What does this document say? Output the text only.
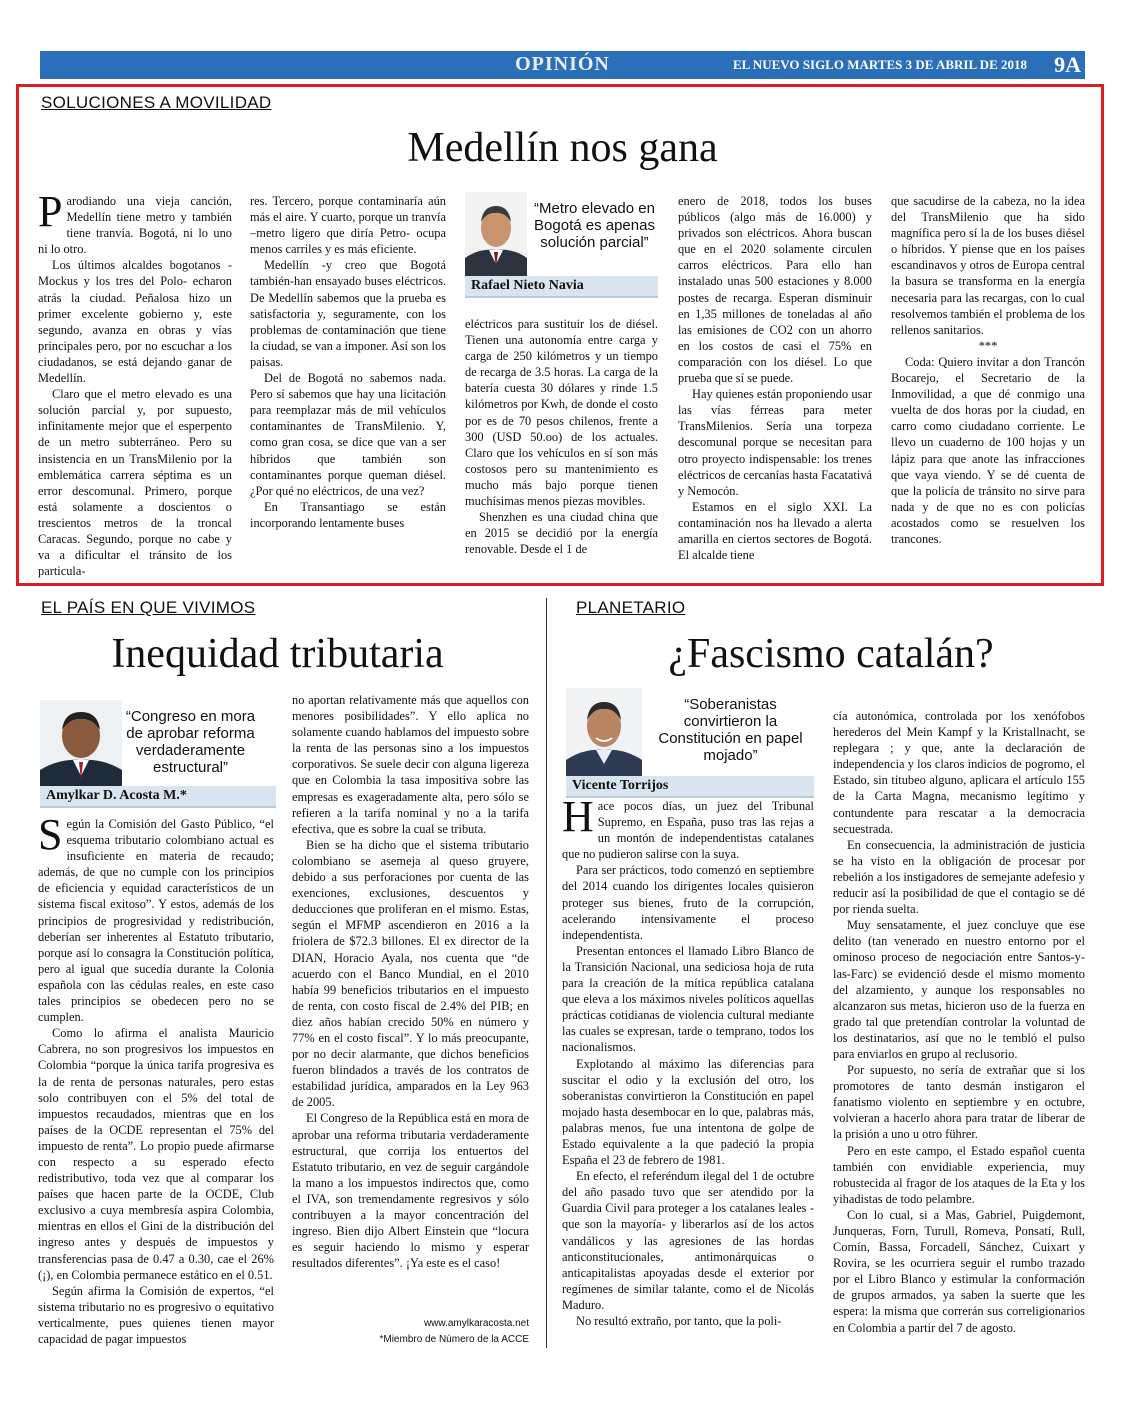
OPINIÓN	EL NUEVO SIGLO MARTES 3 DE ABRIL DE 2018 9A
SOLUCIONES A MOVILIDAD
Medellín nos gana

Parodiando una vieja canción, Medellín tiene metro y también tiene tranvía. Bogotá, ni lo uno ni lo otro.

Los últimos alcaldes bogotanos -Mockus y los tres del Polo- echaron atrás la ciudad. Peñalosa hizo un primer excelente gobierno y, este segundo, avanza en obras y vías principales pero, por no escuchar a los ciudadanos, se está dejando ganar de Medellín.

Claro que el metro elevado es una solución parcial y, por supuesto, infinitamente mejor que el esperpento de un metro subterráneo. Pero su insistencia en un TransMilenio por la emblemática carrera séptima es un error descomunal. Primero, porque está solamente a doscientos o trescientos metros de la troncal Caracas. Segundo, porque no cabe y va a dificultar el tránsito de los particula-

res. Tercero, porque contaminaría aún más el aire. Y cuarto, porque un tranvía –metro ligero que diría Petro- ocupa menos carriles y es más eficiente.

Medellín -y creo que Bogotá también-han ensayado buses eléctricos. De Medellín sabemos que la prueba es satisfactoria y, seguramente, con los problemas de contaminación que tiene la ciudad, se van a imponer. Así son los paisas.

Del de Bogotá no sabemos nada. Pero sí sabemos que hay una licitación para reemplazar más de mil vehículos contaminantes de TransMilenio. Y, como gran cosa, se dice que van a ser híbridos que también son contaminantes porque queman diésel. ¿Por qué no eléctricos, de una vez?

En Transantiago se están incorporando lentamente buses

“Metro elevado en Bogotá es apenas solución parcial”
Rafael Nieto Navia

eléctricos para sustituir los de diésel. Tienen una autonomía entre carga y carga de 250 kilómetros y un tiempo de recarga de 3.5 horas. La carga de la batería cuesta 30 dólares y rinde 1.5 kilómetros por Kwh, de donde el costo por es de 70 pesos chilenos, frente a 300 (USD 50.oo) de los actuales. Claro que los vehículos en sí son más costosos pero su mantenimiento es mucho más bajo porque tienen muchísimas menos piezas movibles.

Shenzhen es una ciudad china que en 2015 se decidió por la energía renovable. Desde el 1 de

enero de 2018, todos los buses públicos (algo más de 16.000) y privados son eléctricos. Ahora buscan que en el 2020 solamente circulen carros eléctricos. Para ello han instalado unas 500 estaciones y 8.000 postes de recarga. Esperan disminuir en 1,35 millones de toneladas al año las emisiones de CO2 con un ahorro en los costos de casi el 75% en comparación con los diésel. Lo que prueba que sí se puede.

Hay quienes están proponiendo usar las vías férreas para meter TransMilenios. Sería una torpeza descomunal porque se necesitan para otro proyecto indispensable: los trenes eléctricos de cercanías hasta Facatativá y Nemocón.

Estamos en el siglo XXI. La contaminación nos ha llevado a alerta amarilla en ciertos sectores de Bogotá. El alcalde tiene

que sacudirse de la cabeza, no la idea del TransMilenio que ha sido magnífica pero sí la de los buses diésel o híbridos. Y piense que en los países escandinavos y otros de Europa central la basura se transforma en la energía necesaria para las recargas, con lo cual resolvemos también el problema de los rellenos sanitarios.

***

Coda: Quiero invitar a don Trancón Bocarejo, el Secretario de la Inmovilidad, a que dé conmigo una vuelta de dos horas por la ciudad, en carro como ciudadano corriente. Le llevo un cuaderno de 100 hojas y un lápiz para que anote las infracciones que vaya viendo. Y se dé cuenta de que la policía de tránsito no sirve para nada y de que no es con policías acostados como se resuelven los trancones.

EL PAÍS EN QUE VIVIMOS
Inequidad tributaria
“Congreso en mora de aprobar reforma verdaderamente estructural”
Amylkar D. Acosta M.*

Según la Comisión del Gasto Público, “el esquema tributario colombiano actual es insuficiente en materia de recaudo; además, de que no cumple con los principios de eficiencia y equidad característicos de un sistema fiscal exitoso”. Y estos, además de los principios de progresividad y redistribución, deberían ser inherentes al Estatuto tributario, porque así lo consagra la Constitución política, pero al igual que sucedía durante la Colonia española con las cédulas reales, en este caso tales principios se obedecen pero no se cumplen.

Como lo afirma el analista Mauricio Cabrera, no son progresivos los impuestos en Colombia “porque la única tarifa progresiva es la de renta de personas naturales, pero estas solo contribuyen con el 5% del total de impuestos recaudados, mientras que en los países de la OCDE representan el 75% del impuesto de renta”. Lo propio puede afirmarse con respecto a su esperado efecto redistributivo, toda vez que al comparar los países que hacen parte de la OCDE, Club exclusivo a cuya membresía aspira Colombia, mientras en ellos el Gini de la distribución del ingreso antes y después de impuestos y transferencias pasa de 0.47 a 0.30, cae el 26% (¡), en Colombia permanece estático en el 0.51.

Según afirma la Comisión de expertos, “el sistema tributario no es progresivo o equitativo verticalmente, pues quienes tienen mayor capacidad de pagar impuestos

no aportan relativamente más que aquellos con menores posibilidades”. Y ello aplica no solamente cuando hablamos del impuesto sobre la renta de las personas sino a los impuestos corporativos. Se suele decir con alguna ligereza que en Colombia la tasa impositiva sobre las empresas es exageradamente alta, pero sólo se refieren a la tarifa nominal y no a la tarifa efectiva, que es sobre la cual se tributa.

Bien se ha dicho que el sistema tributario colombiano se asemeja al queso gruyere, debido a sus perforaciones por cuenta de las exenciones, exclusiones, descuentos y deducciones que proliferan en el mismo. Estas, según el MFMP ascendieron en 2016 a la friolera de $72.3 billones. El ex director de la DIAN, Horacio Ayala, nos cuenta que “de acuerdo con el Banco Mundial, en el 2010 había 99 beneficios tributarios en el impuesto de renta, con costo fiscal de 2.4% del PIB; en diez años habían crecido 50% en número y 77% en el costo fiscal”. Y lo más preocupante, por no decir alarmante, que dichos beneficios fueron blindados a través de los contratos de estabilidad jurídica, amparados en la Ley 963 de 2005.

El Congreso de la República está en mora de aprobar una reforma tributaria verdaderamente estructural, que corrija los entuertos del Estatuto tributario, en vez de seguir cargándole la mano a los impuestos indirectos que, como el IVA, son tremendamente regresivos y sólo contribuyen a la mayor concentración del ingreso. Bien dijo Albert Einstein que “locura es seguir haciendo lo mismo y esperar resultados diferentes”. ¡Ya este es el caso!

www.amylkaracosta.net
*Miembro de Número de la ACCE
PLANETARIO
¿Fascismo catalán?
“Soberanistas convirtieron la Constitución en papel mojado”
Vicente Torrijos

Hace pocos días, un juez del Tribunal Supremo, en España, puso tras las rejas a un montón de independentistas catalanes que no pudieron salirse con la suya.

Para ser prácticos, todo comenzó en septiembre del 2014 cuando los dirigentes locales quisieron proteger sus bienes, fruto de la corrupción, acelerando intensivamente el proceso independentista.

Presentan entonces el llamado Libro Blanco de la Transición Nacional, una sediciosa hoja de ruta para la creación de la mítica república catalana que eleva a los máximos niveles políticos aquellas prácticas cotidianas de violencia cultural mediante las cuales se expresan, tarde o temprano, todos los nacionalismos.

Explotando al máximo las diferencias para suscitar el odio y la exclusión del otro, los soberanistas convirtieron la Constitución en papel mojado hasta desembocar en lo que, palabras más, palabras menos, fue una intentona de golpe de Estado equivalente a la que padeció la propia España el 23 de febrero de 1981.

En efecto, el referéndum ilegal del 1 de octubre del año pasado tuvo que ser atendido por la Guardia Civil para proteger a los catalanes leales -que son la mayoría- y liberarlos así de los actos vandálicos y las agresiones de las hordas anticonstitucionales, antimonárquicas o anticapitalistas apoyadas desde el exterior por regímenes de similar talante, como el de Nicolás Maduro.

No resultó extraño, por tanto, que la poli-

cía autonómica, controlada por los xenófobos herederos del Mein Kampf y la Kristallnacht, se replegara ; y que, ante la declaración de independencia y los claros indicios de pogromo, el Estado, sin titubeo alguno, aplicara el artículo 155 de la Carta Magna, mecanismo legítimo y contundente para rescatar a la democracia secuestrada.

En consecuencia, la administración de justicia se ha visto en la obligación de procesar por rebelión a los instigadores de semejante adefesio y reducir así la posibilidad de que el contagio se dé por rienda suelta.

Muy sensatamente, el juez concluye que ese delito (tan venerado en nuestro entorno por el ominoso proceso de negociación entre Santos-y-las-Farc) se evidenció desde el mismo momento del alzamiento, y aunque los responsables no alcanzaron sus metas, hicieron uso de la fuerza en grado tal que pretendían controlar la voluntad de los destinatarios, así que no le tembló el pulso para enviarlos en grupo al reclusorio.

Por supuesto, no sería de extrañar que si los promotores de tanto desmán instigaron el fanatismo violento en septiembre y en octubre, volvieran a hacerlo ahora para tratar de liberar de la prisión a uno u otro führer.

Pero en este campo, el Estado español cuenta también con envidiable experiencia, muy robustecida al fragor de los ataques de la Eta y los yihadistas de todo pelambre.

Con lo cual, si a Mas, Gabriel, Puigdemont, Junqueras, Forn, Turull, Romeva, Ponsatí, Rull, Comín, Bassa, Forcadell, Sánchez, Cuixart y Rovira, se les ocurriera seguir el rumbo trazado por el Libro Blanco y estimular la conformación de grupos armados, ya saben la suerte que les espera: la misma que correrán sus correligionarios en Colombia a partir del 7 de agosto.
